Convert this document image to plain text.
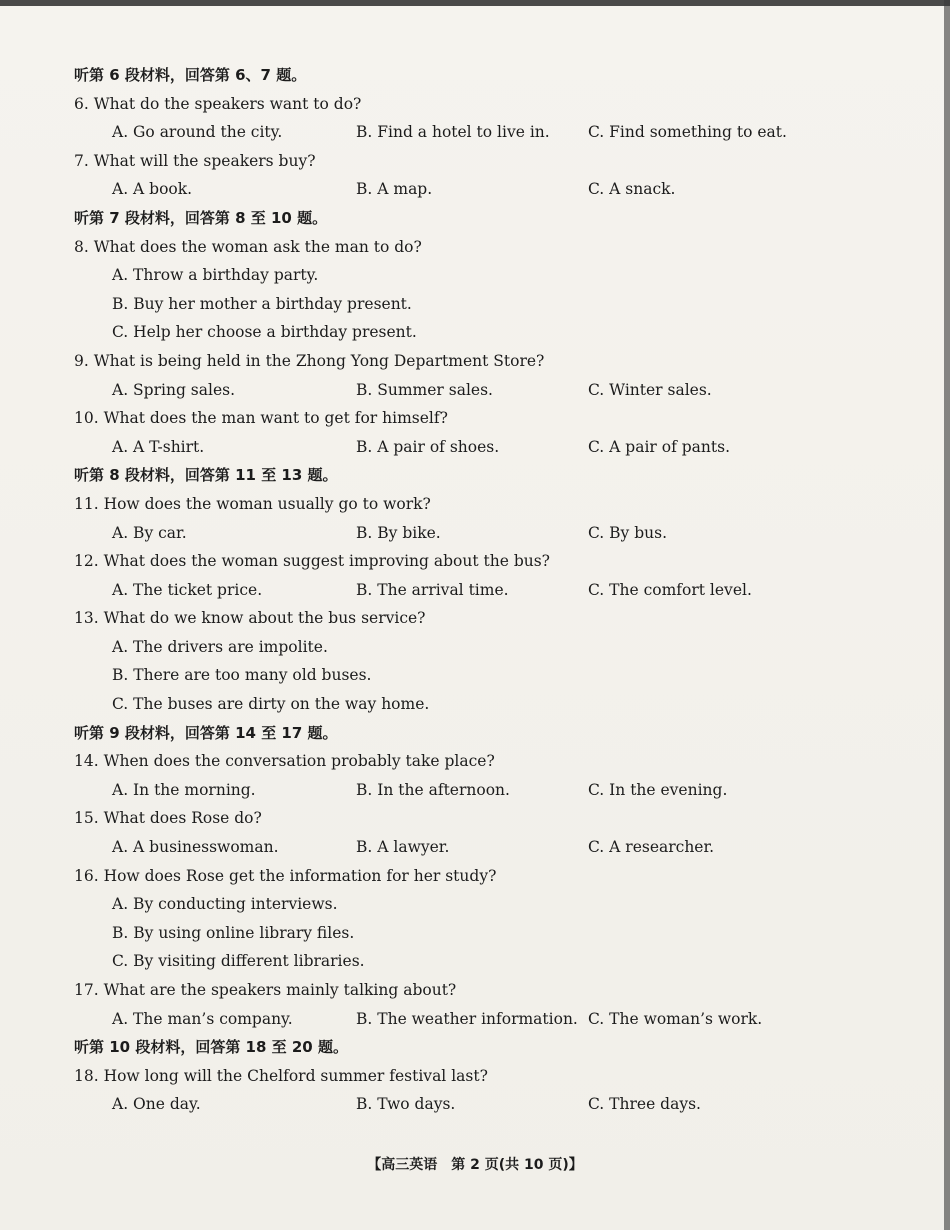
听第 6 段材料，回答第 6、7 题。
6. What do the speakers want to do?
A. Go around the city.	B. Find a hotel to live in. C. Find something to eat.
7. What will the speakers buy?
A. A book.	B. A map.	C. A snack.
听第 7 段材料，回答第 8 至 10 题。
8. What does the woman ask the man to do?
A. Throw a birthday party.
B. Buy her mother a birthday present.
C. Help her choose a birthday present.
9. What is being held in the Zhong Yong Department Store?
A. Spring sales.	B. Summer sales.	C. Winter sales.
10. What does the man want to get for himself?
A. A T-shirt.	B. A pair of shoes.	C. A pair of pants.
听第 8 段材料，回答第 11 至 13 题。
11. How does the woman usually go to work?
A. By car.	B. By bike.	C. By bus.
12. What does the woman suggest improving about the bus?
A. The ticket price.	B. The arrival time.	C. The comfort level.
13. What do we know about the bus service?
A. The drivers are impolite.
B. There are too many old buses.
C. The buses are dirty on the way home.
听第 9 段材料，回答第 14 至 17 题。
14. When does the conversation probably take place?
A. In the morning.	B. In the afternoon.	C. In the evening.
15. What does Rose do?
A. A businesswoman.	B. A lawyer.	C. A researcher.
16. How does Rose get the information for her study?
A. By conducting interviews.
B. By using online library files.
C. By visiting different libraries.
17. What are the speakers mainly talking about?
A. The man’s company.	B. The weather information. C. The woman’s work.
听第 10 段材料，回答第 18 至 20 题。
18. How long will the Chelford summer festival last?
A. One day.	B. Two days.	C. Three days.
【高三英语　第 2 页(共 10 页)】
